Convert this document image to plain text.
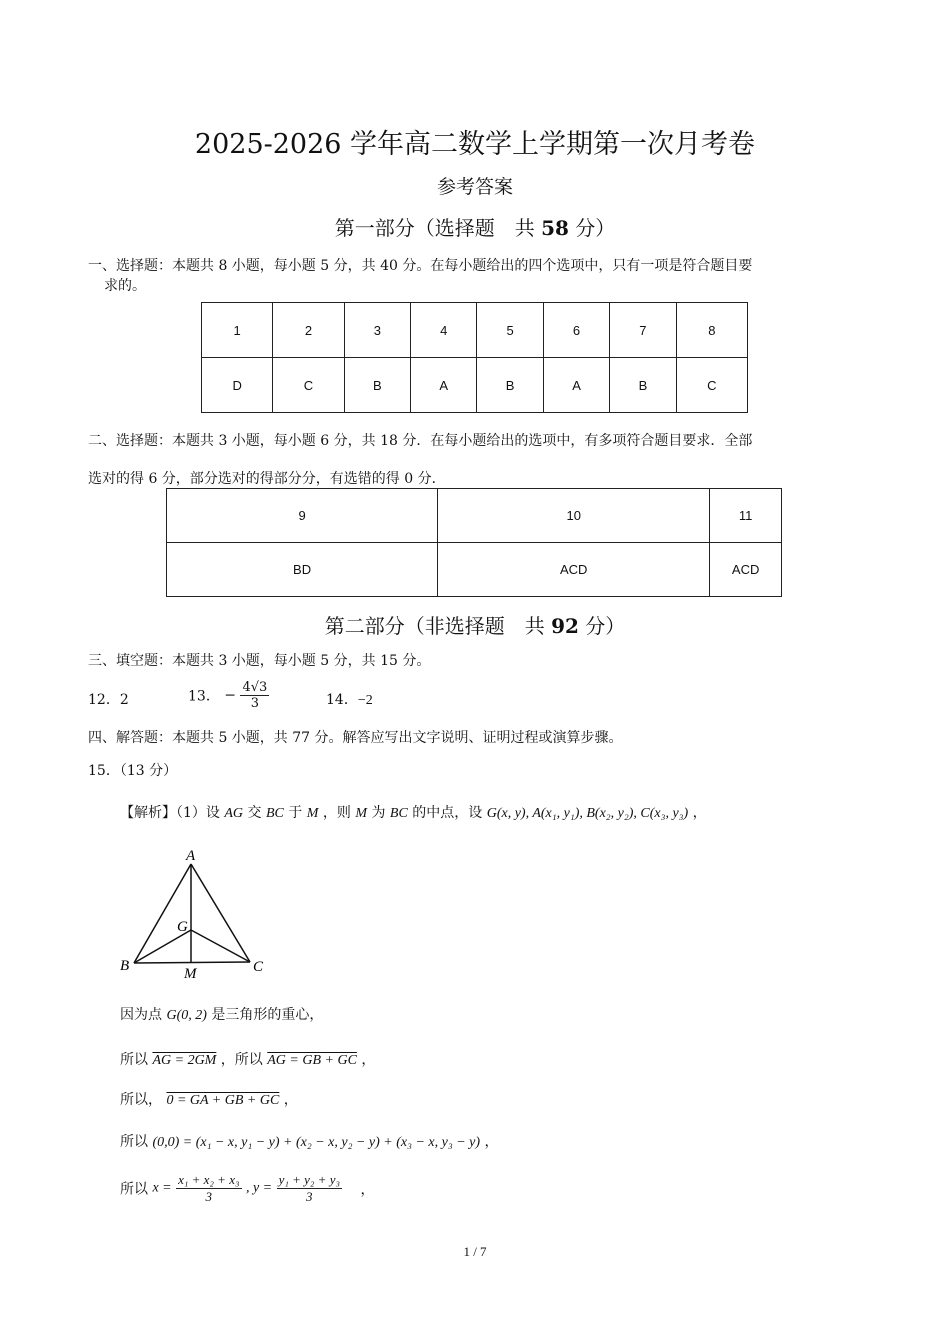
2025-2026 学年高二数学上学期第一次月考卷
参考答案
第一部分（选择题　共 58 分）
一、选择题：本题共 8 小题，每小题 5 分，共 40 分。在每小题给出的四个选项中，只有一项是符合题目要
求的。
1	2	3	4	5	6	7	8
D	C	B	A	B	A	B	C
二、选择题：本题共 3 小题，每小题 6 分，共 18 分．在每小题给出的选项中，有多项符合题目要求．全部
选对的得 6 分，部分选对的得部分分，有选错的得 0 分．
9	10	11
BD	ACD	ACD
第二部分（非选择题　共 92 分）
三、填空题：本题共 3 小题，每小题 5 分，共 15 分。
12．2	13． − $\frac{4√3}{3}$	14．−2
四、解答题：本题共 5 小题，共 77 分。解答应写出文字说明、证明过程或演算步骤。
15．（13 分）
【解析】（1）设 AG 交 BC 于 M ，则 M 为 BC 的中点，设 G(x, y), A(x₁, y₁), B(x₂, y₂), C(x₃, y₃) ，
A
B	C
G
M
因为点 G(0, 2) 是三角形的重心，
所以 AG = 2GM ，所以 AG = GB + GC ，
所以， 0 = GA + GB + GC ，
所以 (0,0) = (x₁ − x, y₁ − y) + (x₂ − x, y₂ − y) + (x₃ − x, y₃ − y) ，
所以 $x = \frac{\text{x₁ + x₂ + x₃}}{3}$ , $y = \frac{\text{y₁ + y₂ + y₃}}{3}$ ，
1 / 7
